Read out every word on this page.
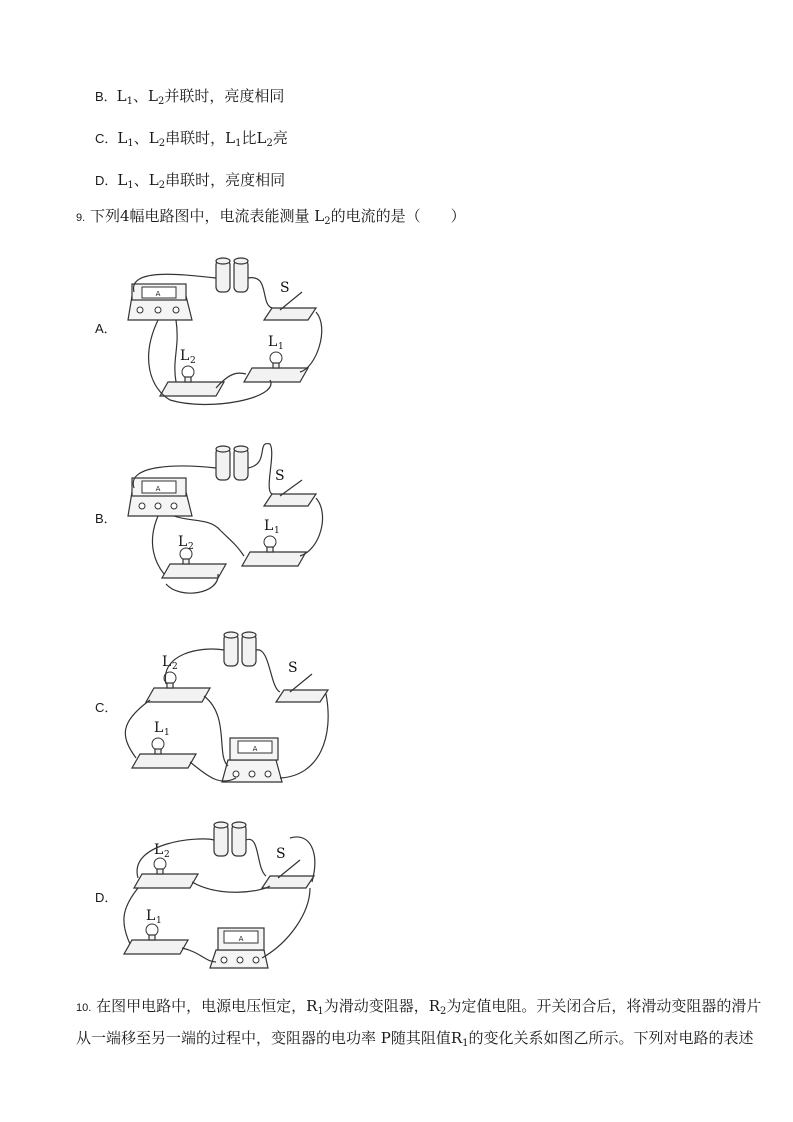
B．$L_1$、$L_2$并联时，亮度相同
C．$L_1$、$L_2$串联时，$L_1$比$L_2$亮
D．$L_1$、$L_2$串联时，亮度相同
9. 下列4幅电路图中，电流表能测量 $L_2$的电流的是（　　）
A．
B．
C．
D．
A	S
L 2
L 1
A
S
L 2
L 1
L 2	S
L 1
A
L 2	S
L 1
A
10. 在图甲电路中，电源电压恒定，$R_1$为滑动变阻器，$R_2$为定值电阻。开关闭合后，将滑动变阻器的滑片
从一端移至另一端的过程中，变阻器的电功率 P随其阻值$R_1$的变化关系如图乙所示。下列对电路的表述
